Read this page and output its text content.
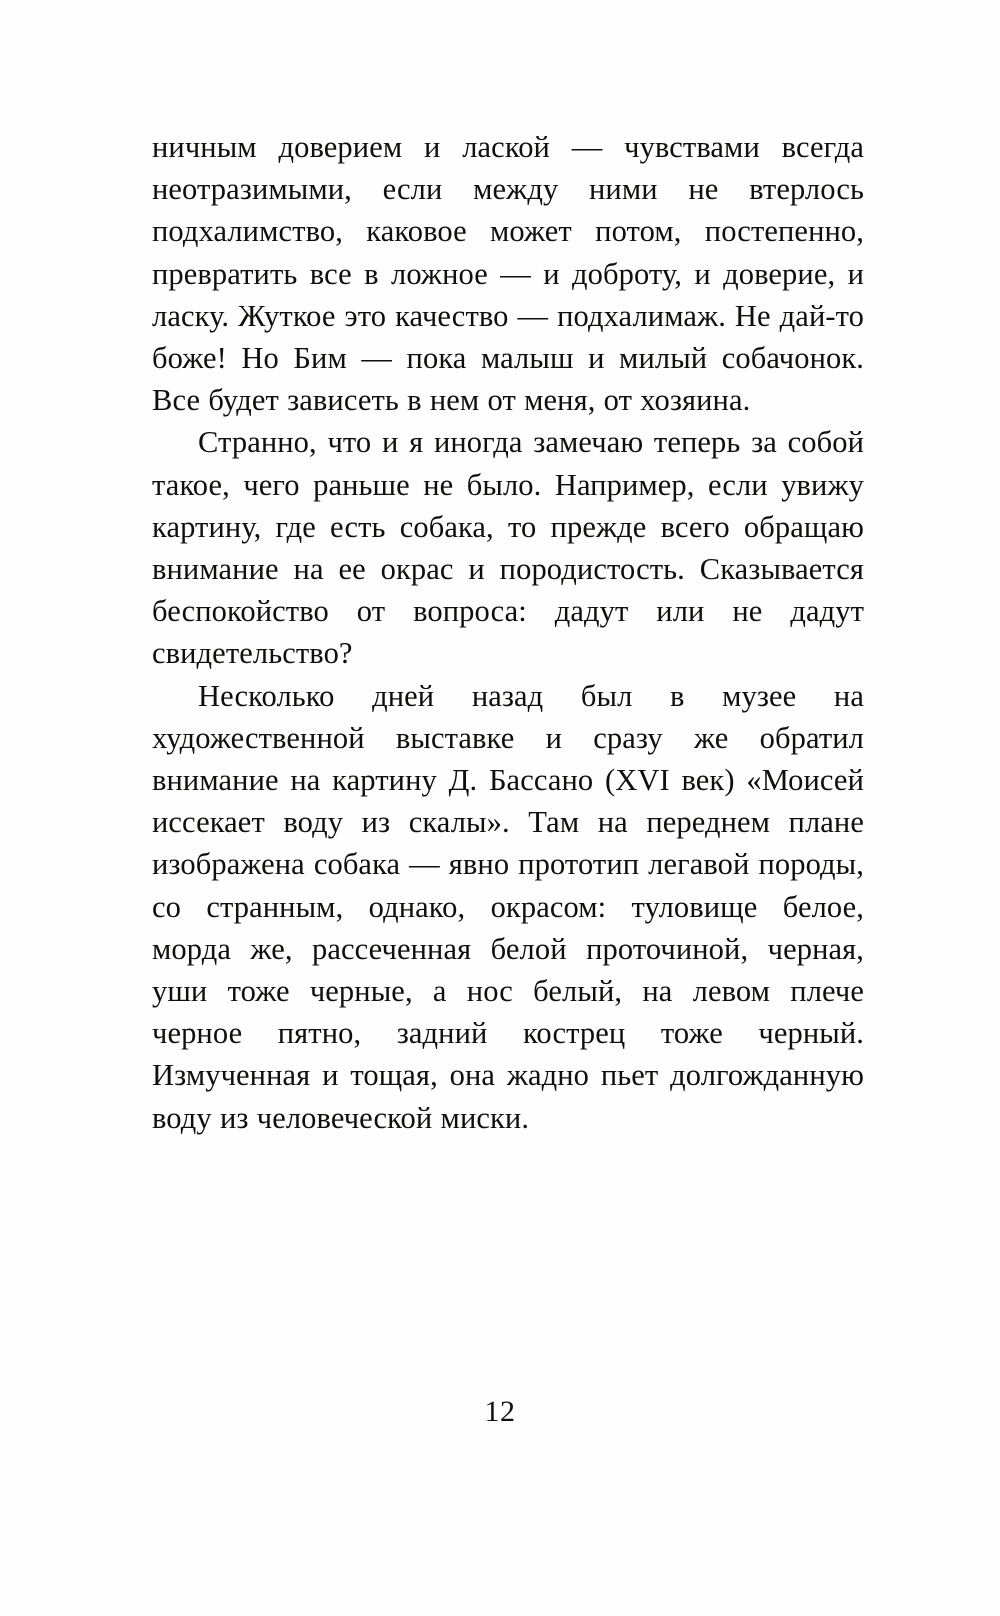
ничным доверием и лаской — чувствами всегда неотразимыми, если между ними не втерлось подхалимство, каковое может потом, постепенно, превратить все в ложное — и доброту, и доверие, и ласку. Жуткое это качество — подхалимаж. Не дай-то боже! Но Бим — пока малыш и милый собачонок. Все будет зависеть в нем от меня, от хозяина.

Странно, что и я иногда замечаю теперь за собой такое, чего раньше не было. Например, если увижу картину, где есть собака, то прежде всего обращаю внимание на ее окрас и породистость. Сказывается беспокойство от вопроса: дадут или не дадут свидетельство?

Несколько дней назад был в музее на художественной выставке и сразу же обратил внимание на картину Д. Бассано (XVI век) «Моисей иссекает воду из скалы». Там на переднем плане изображена собака — явно прототип легавой породы, со странным, однако, окрасом: туловище белое, морда же, рассеченная белой проточиной, черная, уши тоже черные, а нос белый, на левом плече черное пятно, задний кострец тоже черный. Измученная и тощая, она жадно пьет долгожданную воду из человеческой миски.

12
